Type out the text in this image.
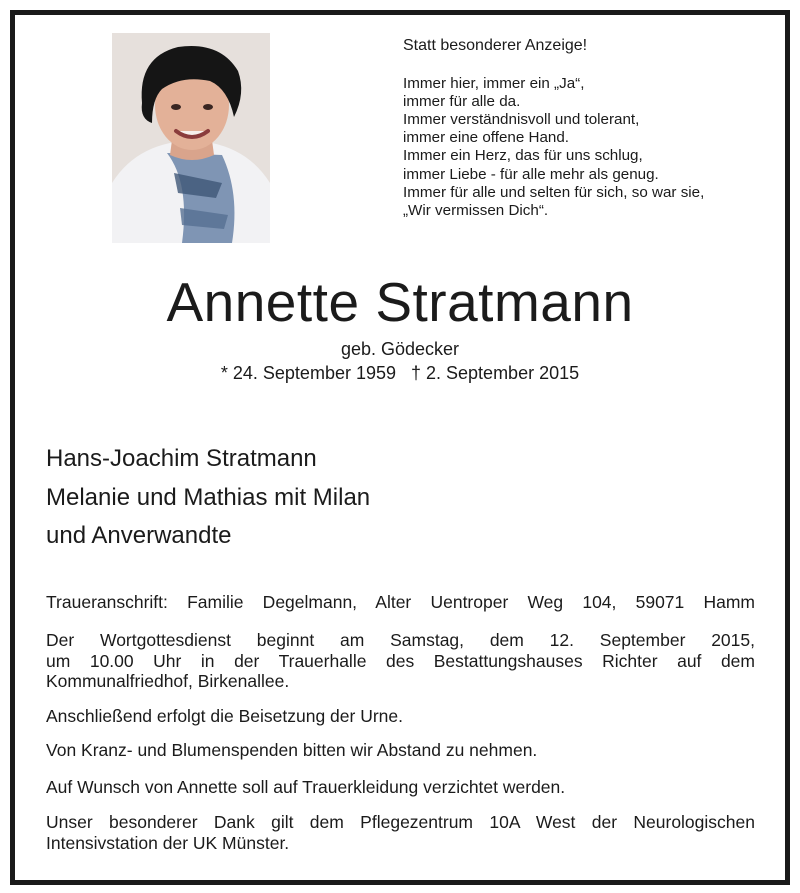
Statt besonderer Anzeige!
Immer hier, immer ein „Ja“,
immer für alle da.
Immer verständnisvoll und tolerant,
immer eine offene Hand.
Immer ein Herz, das für uns schlug,
immer Liebe - für alle mehr als genug.
Immer für alle und selten für sich, so war sie,
„Wir vermissen Dich“.
Annette Stratmann
geb. Gödecker
* 24. September 1959   † 2. September 2015
Hans-Joachim Stratmann
Melanie und Mathias mit Milan
und Anverwandte

Traueranschrift: Familie Degelmann, Alter Uentroper Weg 104, 59071 Hamm

Der Wortgottesdienst beginnt am Samstag, dem 12. September 2015,
um 10.00 Uhr in der Trauerhalle des Bestattungshauses Richter auf dem
Kommunalfriedhof, Birkenallee.

Anschließend erfolgt die Beisetzung der Urne.

Von Kranz- und Blumenspenden bitten wir Abstand zu nehmen.

Auf Wunsch von Annette soll auf Trauerkleidung verzichtet werden.

Unser besonderer Dank gilt dem Pflegezentrum 10A West der Neurologischen
Intensivstation der UK Münster.
